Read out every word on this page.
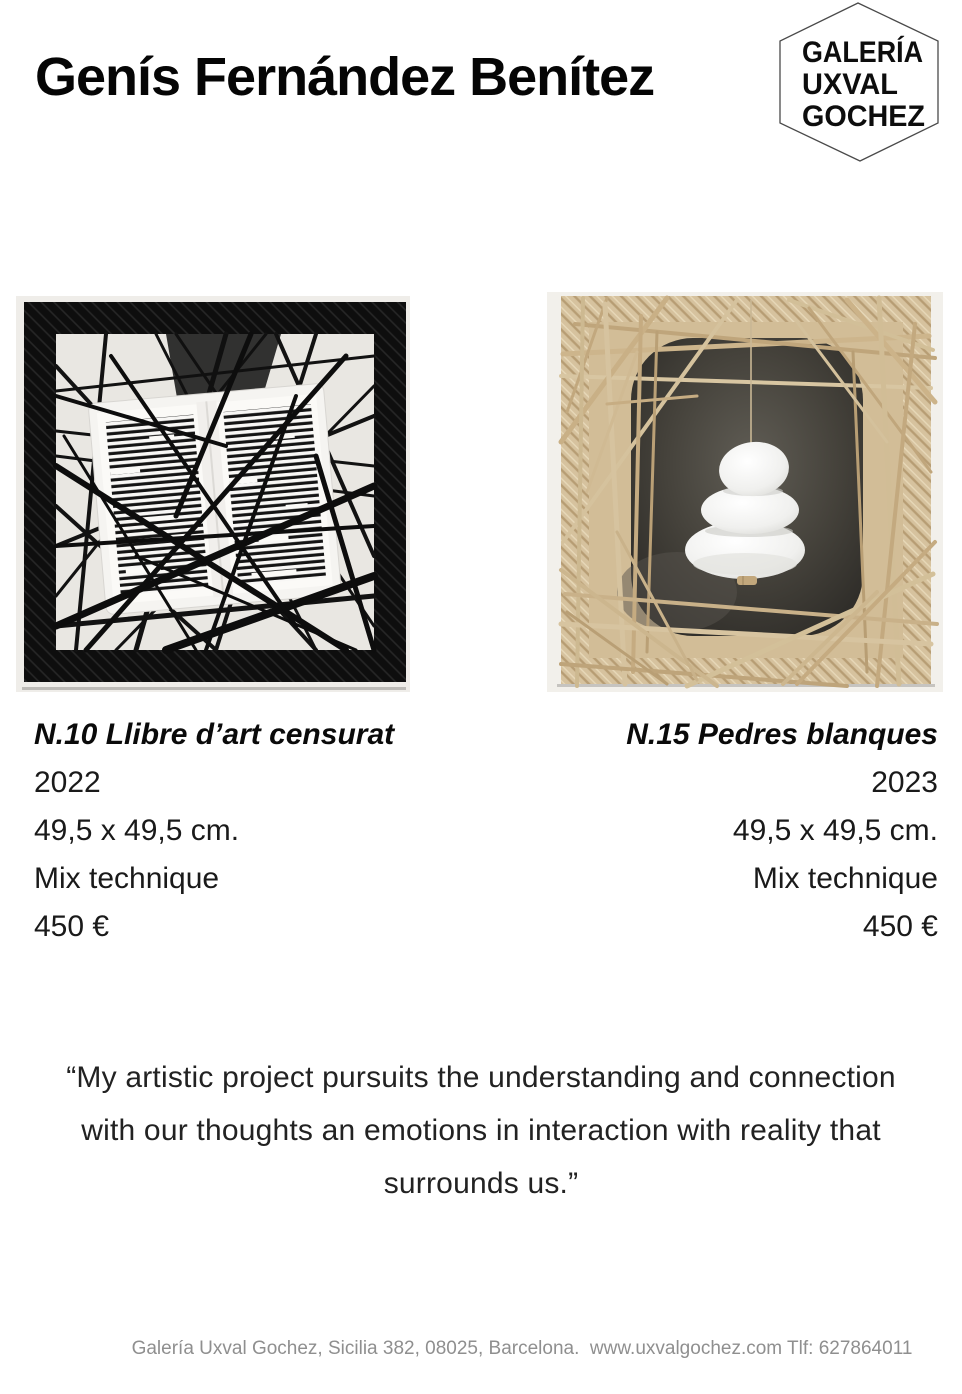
Genís Fernández Benítez	GALERÍA
UXVAL
GOCHEZ
N.10 Llibre d’art censurat
2022
49,5 x 49,5 cm.
Mix technique
450 €
N.15 Pedres blanques
2023
49,5 x 49,5 cm.
Mix technique
450 €
“My artistic project pursuits the understanding and connection
with our thoughts an emotions in interaction with reality that
surrounds us.”
Galería Uxval Gochez, Sicilia 382, 08025, Barcelona.  www.uxvalgochez.com Tlf: 627864011
